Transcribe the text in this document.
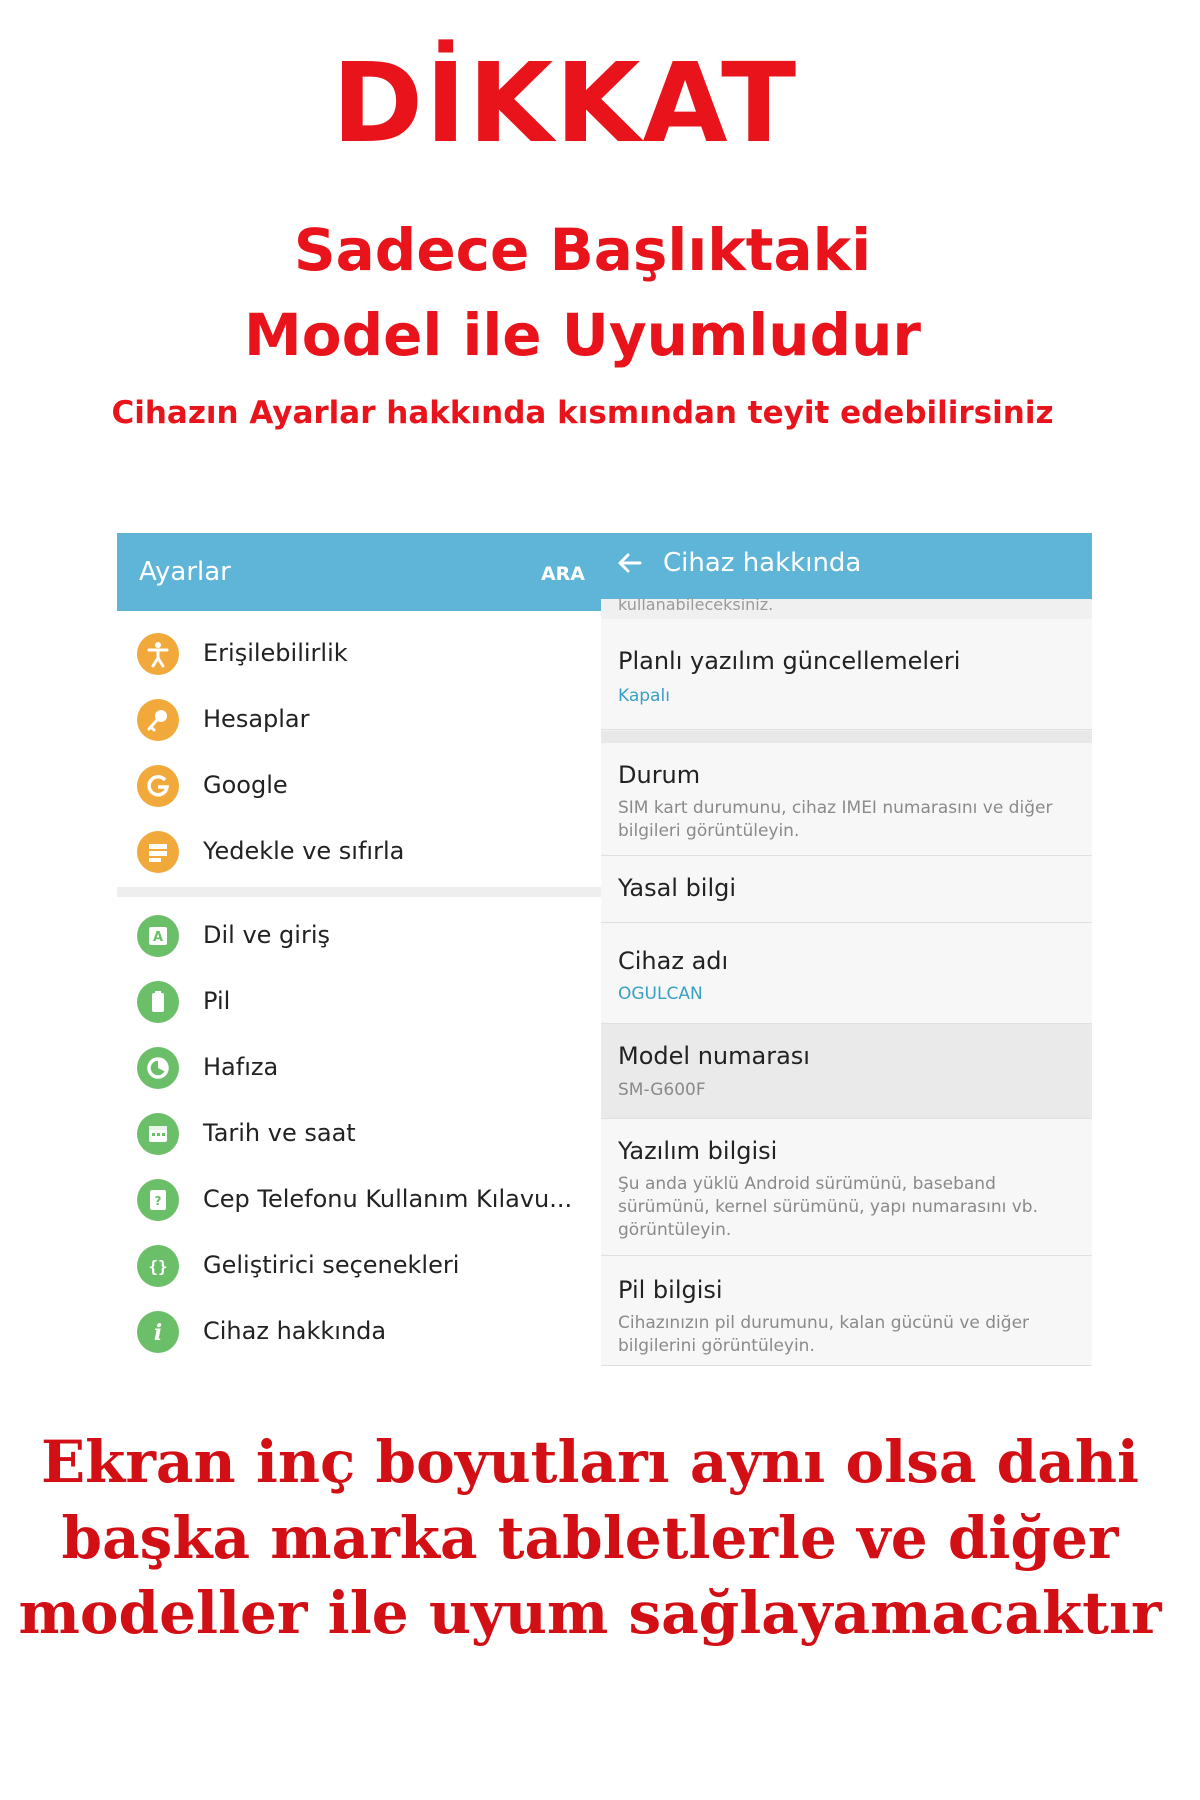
DİKKAT
Sadece Başlıktaki
Model ile Uyumludur
Cihazın Ayarlar hakkında kısmından teyit edebilirsiniz
Ayarlar	ARA
Erişilebilirlik
Hesaplar
Google
Yedekle ve sıfırla
A Dil ve giriş
Pil
Hafıza
Tarih ve saat
? Cep Telefonu Kullanım Kılavu...
{} Geliştirici seçenekleri
i Cihaz hakkında
Cihaz hakkında
kullanabileceksiniz.
Planlı yazılım güncellemeleri
Kapalı
Durum
SIM kart durumunu, cihaz IMEI numarasını ve diğer bilgileri görüntüleyin.
Yasal bilgi
Cihaz adı
OGULCAN
Model numarası
SM-G600F
Yazılım bilgisi
Şu anda yüklü Android sürümünü, baseband sürümünü, kernel sürümünü, yapı numarasını vb. görüntüleyin.
Pil bilgisi
Cihazınızın pil durumunu, kalan gücünü ve diğer bilgilerini görüntüleyin.
Ekran inç boyutları aynı olsa dahi
başka marka tabletlerle ve diğer
modeller ile uyum sağlayamacaktır
